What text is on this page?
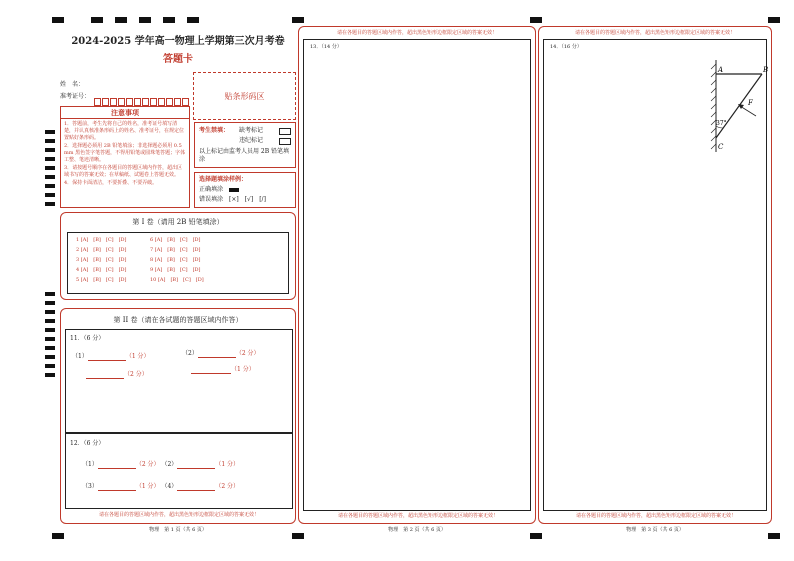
2024-2025 学年高一物理上学期第三次月考卷
答题卡
姓　名：
准考证号：	贴条形码区
注意事项
1．答题前，考生先将自己的姓名，准考证号填写清楚，并认真核准条形码上的姓名、准考证号，在规定位置贴好条形码。
2．选择题必须用 2B 铅笔填涂；非选择题必须用 0.5 mm 黑色签字笔答题，不得用铅笔或圆珠笔答题；字体工整、笔迹清晰。
3．请按题号顺序在各题目的答题区域内作答，超出区域书写的答案无效；在草稿纸、试题卷上答题无效。
4．保持卡面清洁，不要折叠、不要弄破。
考生禁填： 缺考标记
违纪标记
以上标记由监考人员用 2B 铅笔填涂
选择题填涂样例：
正确填涂
错误填涂 [×]　[√]　[/]
第 I 卷（请用 2B 铅笔填涂）
1 [A]　[B]　[C]　[D]
2 [A]　[B]　[C]　[D]
3 [A]　[B]　[C]　[D]
4 [A]　[B]　[C]　[D]
5 [A]　[B]　[C]　[D]
6 [A]　[B]　[C]　[D]
7 [A]　[B]　[C]　[D]
8 [A]　[B]　[C]　[D]
9 [A]　[B]　[C]　[D]
10 [A]　[B]　[C]　[D]
第 II 卷（请在各试题的答题区域内作答）
11．（6 分）
（1）	（1 分）
（2 分）
（2）	（2 分）
（1 分）
12．（6 分）
（1）	（2 分） （2）	（1 分）
（3）	（1 分） （4）	（2 分）
请在各题目的答题区域内作答，超出黑色矩形边框限定区域的答案无效！
物理　第 1 页（共 6 页）
请在各题目的答题区域内作答，超出黑色矩形边框限定区域的答案无效！
13．（14 分）
请在各题目的答题区域内作答，超出黑色矩形边框限定区域的答案无效！
物理　第 2 页（共 6 页）
请在各题目的答题区域内作答，超出黑色矩形边框限定区域的答案无效！
14．（16 分）
A	B
C
F
37°
请在各题目的答题区域内作答，超出黑色矩形边框限定区域的答案无效！
物理　第 3 页（共 6 页）
